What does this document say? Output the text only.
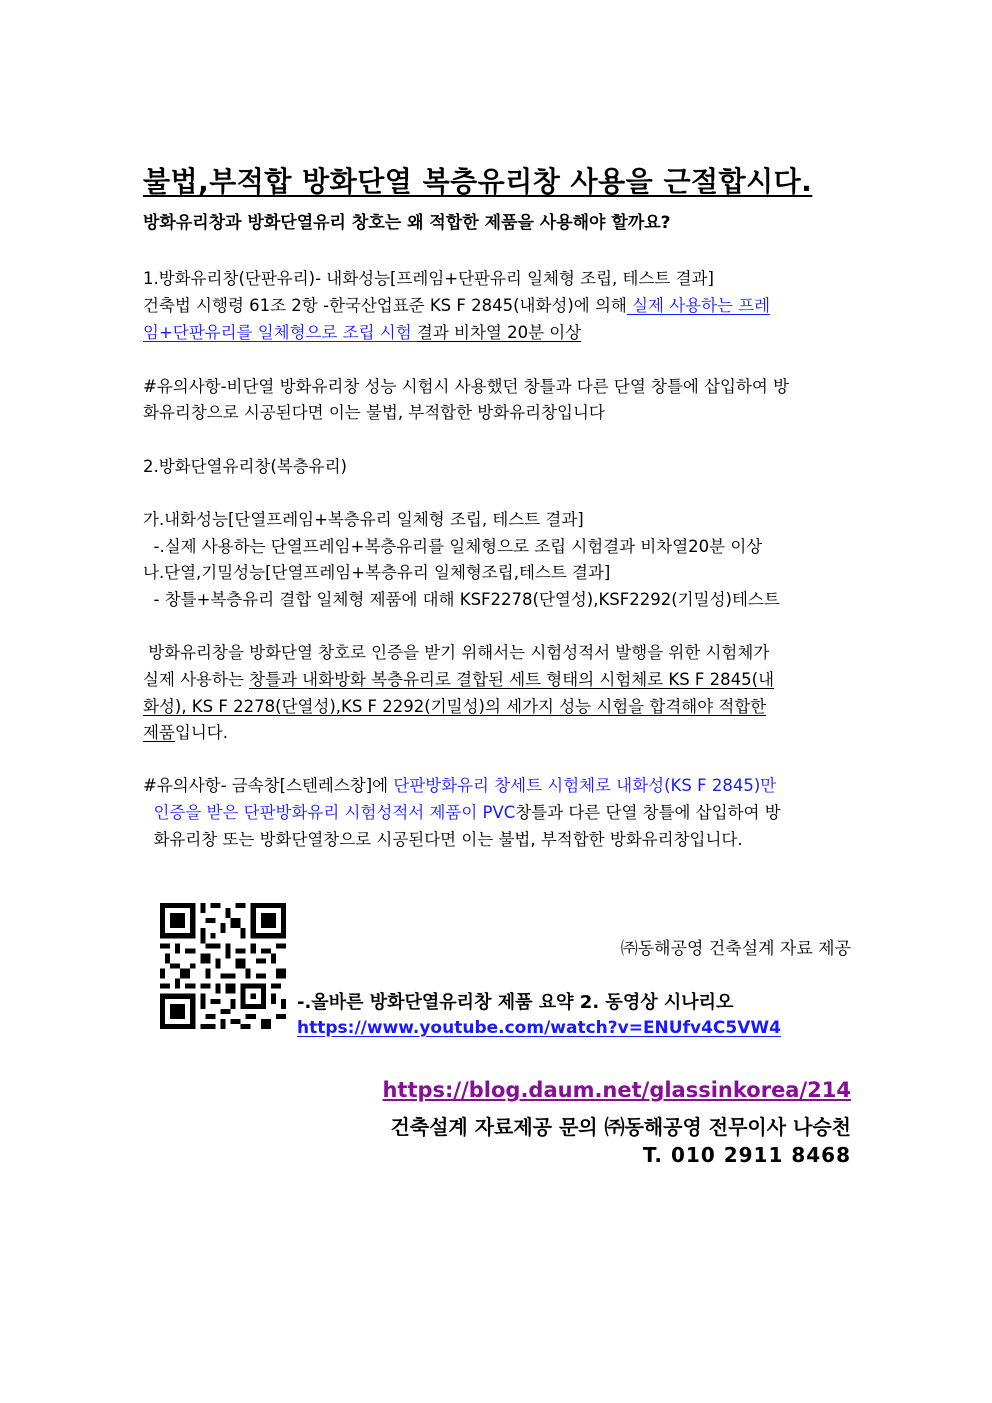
불법,부적합 방화단열 복층유리창 사용을 근절합시다.
방화유리창과 방화단열유리 창호는 왜 적합한 제품을 사용해야 할까요?
1.방화유리창(단판유리)- 내화성능[프레임+단판유리 일체형 조립, 테스트 결과]
건축법 시행령 61조 2항 -한국산업표준 KS F 2845(내화성)에 의해 실제 사용하는 프레
임+단판유리를 일체형으로 조립 시험 결과 비차열 20분 이상
#유의사항-비단열 방화유리창 성능 시험시 사용했던 창틀과 다른 단열 창틀에 삽입하여 방
화유리창으로 시공된다면 이는 불법, 부적합한 방화유리창입니다
2.방화단열유리창(복층유리)
가.내화성능[단열프레임+복층유리 일체형 조립, 테스트 결과]
-.실제 사용하는 단열프레임+복층유리를 일체형으로 조립 시험결과 비차열20분 이상
나.단열,기밀성능[단열프레임+복층유리 일체형조립,테스트 결과]
- 창틀+복층유리 결합 일체형 제품에 대해 KSF2278(단열성),KSF2292(기밀성)테스트
방화유리창을 방화단열 창호로 인증을 받기 위해서는 시험성적서 발행을 위한 시험체가
실제 사용하는 창틀과 내화방화 복층유리로 결합된 세트 형태의 시험체로 KS F 2845(내
화성), KS F 2278(단열성),KS F 2292(기밀성)의 세가지 성능 시험을 합격해야 적합한
제품입니다.
#유의사항- 금속창[스텐레스창]에 단판방화유리 창세트 시험체로 내화성(KS F 2845)만
인증을 받은 단판방화유리 시험성적서 제품이 PVC창틀과 다른 단열 창틀에 삽입하여 방
화유리창 또는 방화단열창으로 시공된다면 이는 불법, 부적합한 방화유리창입니다.
㈜동해공영 건축설계 자료 제공
-.올바른 방화단열유리창 제품 요약 2. 동영상 시나리오
https://www.youtube.com/watch?v=ENUfv4C5VW4
https://blog.daum.net/glassinkorea/214
건축설계 자료제공 문의 ㈜동해공영 전무이사 나승천
T. 010 2911 8468
